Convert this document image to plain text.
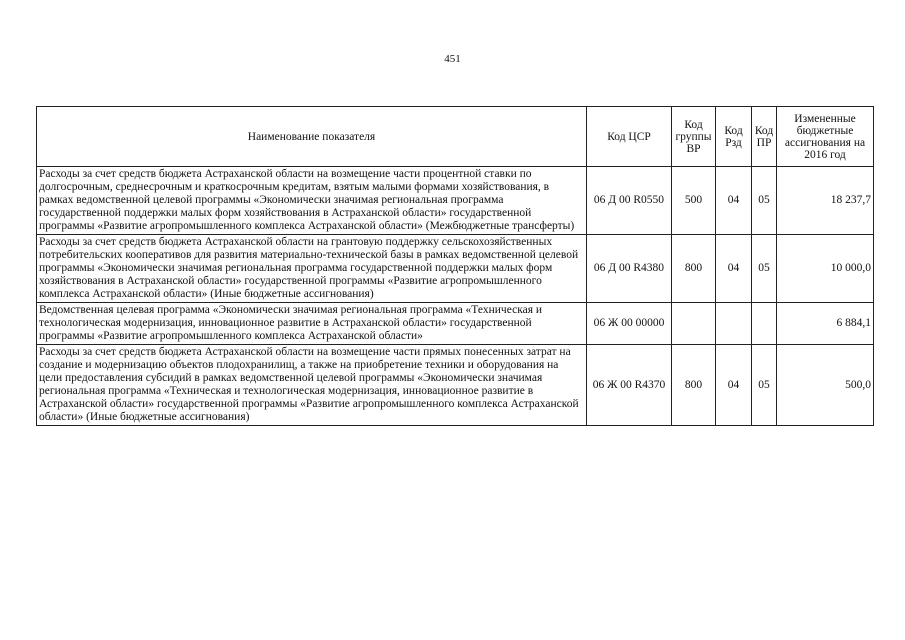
451
Наименование показателя	Код ЦСР	Код группы ВР	Код Рзд	Код ПР	Измененные бюджетные ассигнования на 2016 год
Расходы за счет средств бюджета Астраханской области на возмещение части процентной ставки по долгосрочным, среднесрочным и краткосрочным кредитам, взятым малыми формами хозяйствования, в рамках ведомственной целевой программы «Экономически значимая региональная программа государственной поддержки малых форм хозяйствования в Астраханской области» государственной программы «Развитие агропромышленного комплекса Астраханской области» (Межбюджетные трансферты)	06 Д 00 R0550	500	04	05	18 237,7
Расходы за счет средств бюджета Астраханской области на грантовую поддержку сельскохозяйственных потребительских кооперативов для развития материально-технической базы в рамках ведомственной целевой программы «Экономически значимая региональная программа государственной поддержки малых форм хозяйствования в Астраханской области» государственной программы «Развитие агропромышленного комплекса Астраханской области» (Иные бюджетные ассигнования)	06 Д 00 R4380	800	04	05	10 000,0
Ведомственная целевая программа «Экономически значимая региональная программа «Техническая и технологическая модернизация, инновационное развитие в Астраханской области» государственной программы «Развитие агропромышленного комплекса Астраханской области»	06 Ж 00 00000				6 884,1
Расходы за счет средств бюджета Астраханской области на возмещение части прямых понесенных затрат на создание и модернизацию объектов плодохранилищ, а также на приобретение техники и оборудования на цели предоставления субсидий в рамках ведомственной целевой программы «Экономически значимая региональная программа «Техническая и технологическая модернизация, инновационное развитие в Астраханской области» государственной программы «Развитие агропромышленного комплекса Астраханской области» (Иные бюджетные ассигнования)	06 Ж 00 R4370	800	04	05	500,0
